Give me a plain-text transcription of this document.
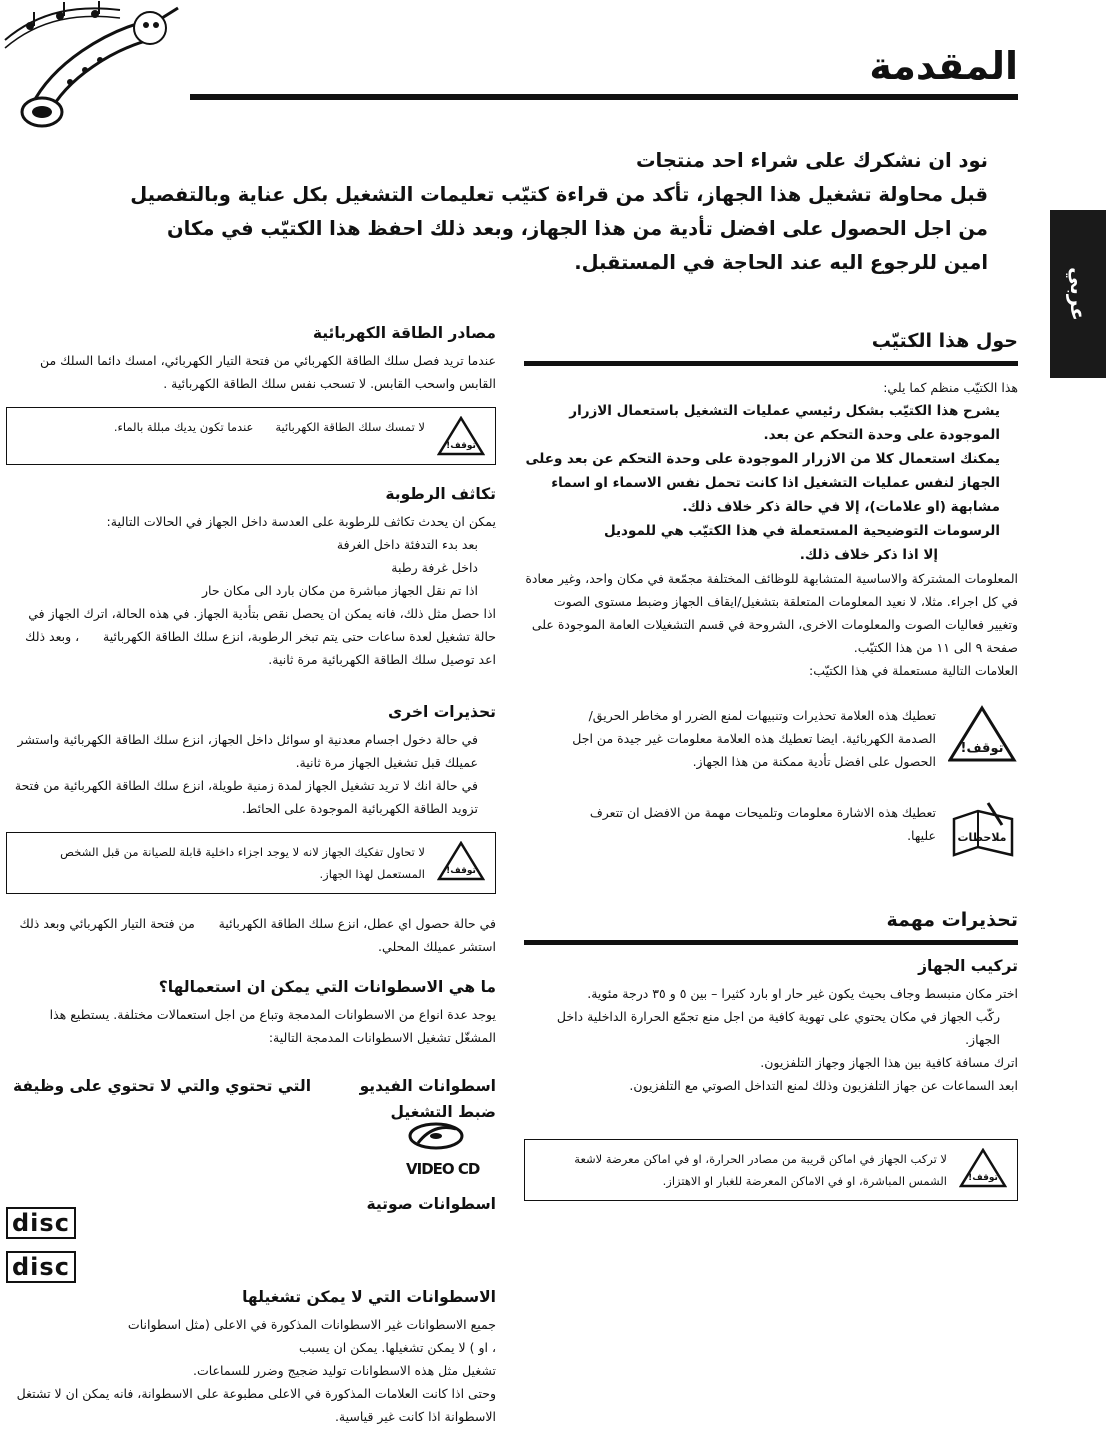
المقدمة

نود ان نشكرك على شراء احد منتجات

قبل محاولة تشغيل هذا الجهاز، تأكد من قراءة كتيّب تعليمات التشغيل بكل عناية وبالتفصيل من اجل الحصول على افضل تأدية من هذا الجهاز، وبعد ذلك احفظ هذا الكتيّب في مكان امين للرجوع اليه عند الحاجة في المستقبل.

عربي
حول هذا الكتيّب

هذا الكتيّب منظم كما يلي:

يشرح هذا الكتيّب بشكل رئيسي عمليات التشغيل باستعمال الازرار الموجودة على وحدة التحكم عن بعد.

يمكنك استعمال كلا من الازرار الموجودة على وحدة التحكم عن بعد وعلى الجهاز لنفس عمليات التشغيل اذا كانت تحمل نفس الاسماء او اسماء مشابهة (او علامات)، إلا في حالة ذكر خلاف ذلك.

الرسومات التوضيحية المستعملة في هذا الكتيّب هي للموديل

إلا اذا ذكر خلاف ذلك.

المعلومات المشتركة والاساسية المتشابهة للوظائف المختلفة مجمّعة في مكان واحد، وغير معادة في كل اجراء. مثلا، لا نعيد المعلومات المتعلقة بتشغيل/ايقاف الجهاز وضبط مستوى الصوت وتغيير فعاليات الصوت والمعلومات الاخرى، الشروحة في قسم التشغيلات العامة الموجودة على صفحة ٩ الى ١١ من هذا الكتيّب.

العلامات التالية مستعملة في هذا الكتيّب:

توقف!

تعطيك هذه العلامة تحذيرات وتنبيهات لمنع الضرر او مخاطر الحريق/الصدمة الكهربائية. ايضا تعطيك هذه العلامة معلومات غير جيدة من اجل الحصول على افضل تأدية ممكنة من هذا الجهاز.

ملاحظات

تعطيك هذه الاشارة معلومات وتلميحات مهمة من الافضل ان تتعرف عليها.

تحذيرات مهمة
تركيب الجهاز

اختر مكان منبسط وجاف بحيث يكون غير حار او بارد كثيرا – بين ٥ و ٣٥ درجة مئوية.

ركّب الجهاز في مكان يحتوي على تهوية كافية من اجل منع تجمّع الحرارة الداخلية داخل الجهاز.

اترك مسافة كافية بين هذا الجهاز وجهاز التلفزيون.

ابعد السماعات عن جهاز التلفزيون وذلك لمنع التداخل الصوتي مع التلفزيون.

توقف!

لا تركب الجهاز في اماكن قريبة من مصادر الحرارة، او في اماكن معرضة لاشعة الشمس المباشرة، او في الاماكن المعرضة للغبار او الاهتزاز.

مصادر الطاقة الكهربائية

عندما تريد فصل سلك الطاقة الكهربائي من فتحة التيار الكهربائي، امسك دائما السلك من القابس واسحب القابس. لا تسحب نفس سلك الطاقة الكهربائية .

توقف!

لا تمسك سلك الطاقة الكهربائية      عندما تكون يديك مبللة بالماء.

تكاثف الرطوبة

يمكن ان يحدث تكاثف للرطوبة على العدسة داخل الجهاز في الحالات التالية:

بعد بدء التدفئة داخل الغرفة

داخل غرفة رطبة

اذا تم نقل الجهاز مباشرة من مكان بارد الى مكان حار

اذا حصل مثل ذلك، فانه يمكن ان يحصل نقص بتأدية الجهاز. في هذه الحالة، اترك الجهاز في حالة تشغيل لعدة ساعات حتى يتم تبخر الرطوبة، انزع سلك الطاقة الكهربائية      ، وبعد ذلك اعد توصيل سلك الطاقة الكهربائية مرة ثانية.

تحذيرات اخرى

في حالة دخول اجسام معدنية او سوائل داخل الجهاز، انزع سلك الطاقة الكهربائية واستشر عميلك قبل تشغيل الجهاز مرة ثانية.

في حالة انك لا تريد تشغيل الجهاز لمدة زمنية طويلة، انزع سلك الطاقة الكهربائية من فتحة تزويد الطاقة الكهربائية الموجودة على الحائط.

توقف!

لا تحاول تفكيك الجهاز لانه لا يوجد اجزاء داخلية قابلة للصيانة من قبل الشخص المستعمل لهذا الجهاز.

في حالة حصول اي عطل، انزع سلك الطاقة الكهربائية      من فتحة التيار الكهربائي وبعد ذلك استشر عميلك المحلي.

ما هي الاسطوانات التي يمكن ان استعمالها؟

يوجد عدة انواع من الاسطوانات المدمجة وتباع من اجل استعمالات مختلفة. يستطيع هذا المشغّل تشغيل الاسطوانات المدمجة التالية:

اسطوانات الفيديو         التي تحتوي والتي لا تحتوي على وظيفة ضبط التشغيل

VIDEO CD
اسطوانات صوتية
disc
disc
الاسطوانات التي لا يمكن تشغيلها

جميع الاسطوانات غير الاسطوانات المذكورة في الاعلى (مثل اسطوانات

، او ) لا يمكن تشغيلها. يمكن ان يسبب

تشغيل مثل هذه الاسطوانات توليد ضجيج وضرر للسماعات.

وحتى اذا كانت العلامات المذكورة في الاعلى مطبوعة على الاسطوانة، فانه يمكن ان لا تشتغل الاسطوانة اذا كانت غير قياسية.
